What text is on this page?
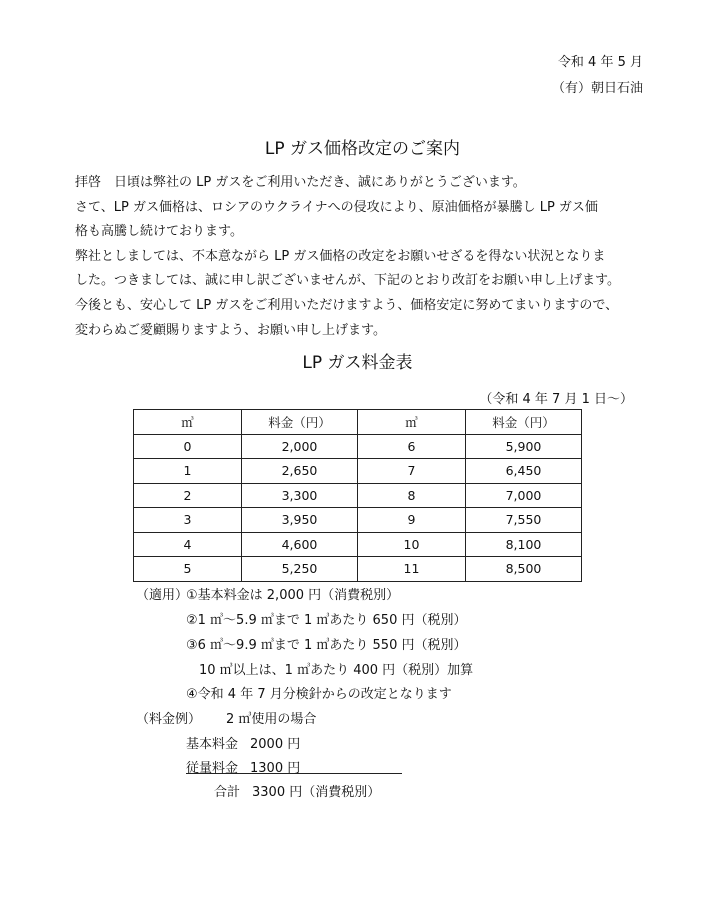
令和 4 年 5 月
（有）朝日石油
LP ガス価格改定のご案内

拝啓　日頃は弊社の LP ガスをご利用いただき、誠にありがとうございます。

さて、LP ガス価格は、ロシアのウクライナへの侵攻により、原油価格が暴騰し LP ガス価

格も高騰し続けております。

弊社としましては、不本意ながら LP ガス価格の改定をお願いせざるを得ない状況となりま

した。つきましては、誠に申し訳ございませんが、下記のとおり改訂をお願い申し上げます。

今後とも、安心して LP ガスをご利用いただけますよう、価格安定に努めてまいりますので、

変わらぬご愛顧賜りますよう、お願い申し上げます。

LP ガス料金表
（令和 4 年 7 月 1 日～）
㎥	料金（円）	㎥	料金（円）
0	2,000	6	5,900
1	2,650	7	6,450
2	3,300	8	7,000
3	3,950	9	7,550
4	4,600	10	8,100
5	5,250	11	8,500
（適用）
①基本料金は 2,000 円（消費税別）
②1 ㎥～5.9 ㎥まで 1 ㎥あたり 650 円（税別）
③6 ㎥～9.9 ㎥まで 1 ㎥あたり 550 円（税別）
10 ㎥以上は、1 ㎥あたり 400 円（税別）加算
④令和 4 年 7 月分検針からの改定となります
（料金例） 2 ㎥使用の場合
基本料金 2000 円
従量料金 1300 円
合計 3300 円（消費税別）
